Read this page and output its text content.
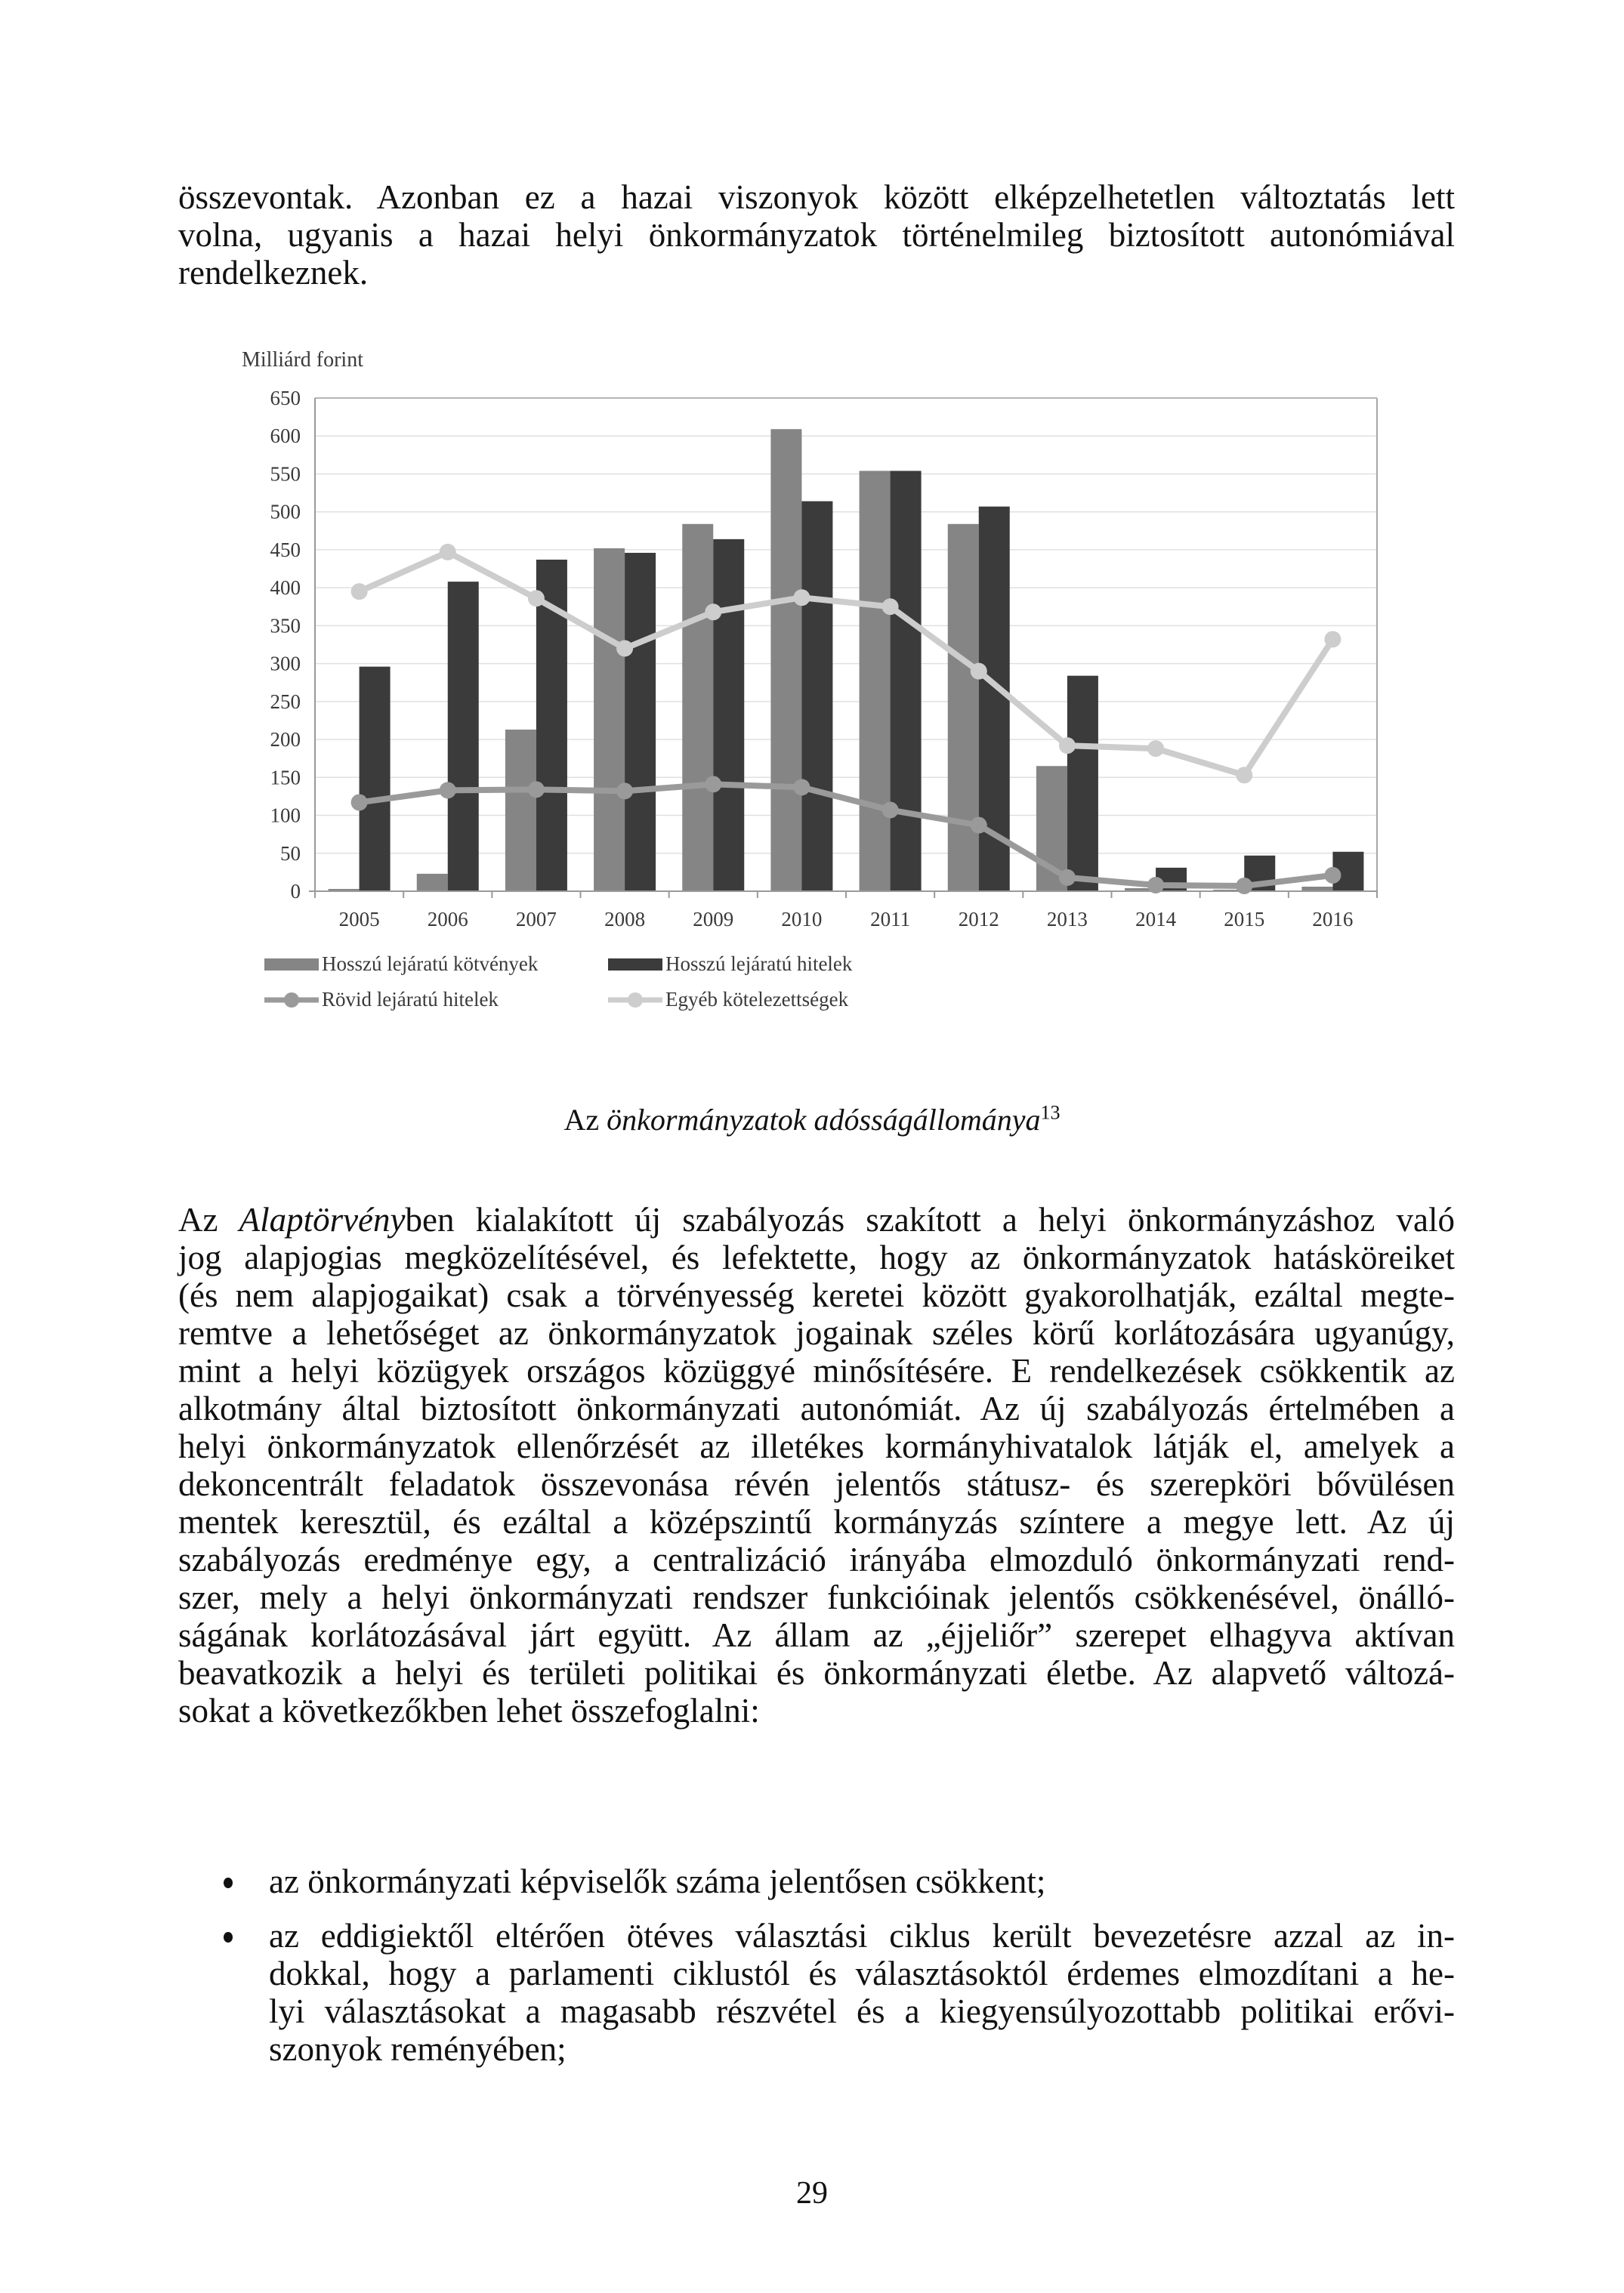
összevontak. Azonban ez a hazai viszonyok között elképzelhetetlen változtatás lett
volna, ugyanis a hazai helyi önkormányzatok történelmileg biztosított autonómiával
rendelkeznek.
Milliárd forint
0
50
100
150
200
250
300
350
400
450
500
550
600
650
2005 2006 2007 2008 2009 2010 2011 2012 2013 2014 2015 2016
Hosszú lejáratú kötvények	Hosszú lejáratú hitelek
Rövid lejáratú hitelek	Egyéb kötelezettségek
Az önkormányzatok adósságállománya$^{13}$
Az Alaptörvényben kialakított új szabályozás szakított a helyi önkormányzáshoz való
jog alapjogias megközelítésével, és lefektette, hogy az önkormányzatok hatásköreiket
(és nem alapjogaikat) csak a törvényesség keretei között gyakorolhatják, ezáltal megte-
remtve a lehetőséget az önkormányzatok jogainak széles körű korlátozására ugyanúgy,
mint a helyi közügyek országos közüggyé minősítésére. E rendelkezések csökkentik az
alkotmány által biztosított önkormányzati autonómiát. Az új szabályozás értelmében a
helyi önkormányzatok ellenőrzését az illetékes kormányhivatalok látják el, amelyek a
dekoncentrált feladatok összevonása révén jelentős státusz- és szerepköri bővülésen
mentek keresztül, és ezáltal a középszintű kormányzás színtere a megye lett. Az új
szabályozás eredménye egy, a centralizáció irányába elmozduló önkormányzati rend-
szer, mely a helyi önkormányzati rendszer funkcióinak jelentős csökkenésével, önálló-
ságának korlátozásával járt együtt. Az állam az „éjjeliőr” szerepet elhagyva aktívan
beavatkozik a helyi és területi politikai és önkormányzati életbe. Az alapvető változá-
sokat a következőkben lehet összefoglalni:
az önkormányzati képviselők száma jelentősen csökkent;
az eddigiektől eltérően ötéves választási ciklus került bevezetésre azzal az in-
dokkal, hogy a parlamenti ciklustól és választásoktól érdemes elmozdítani a he-
lyi választásokat a magasabb részvétel és a kiegyensúlyozottabb politikai erővi-
szonyok reményében;
29
